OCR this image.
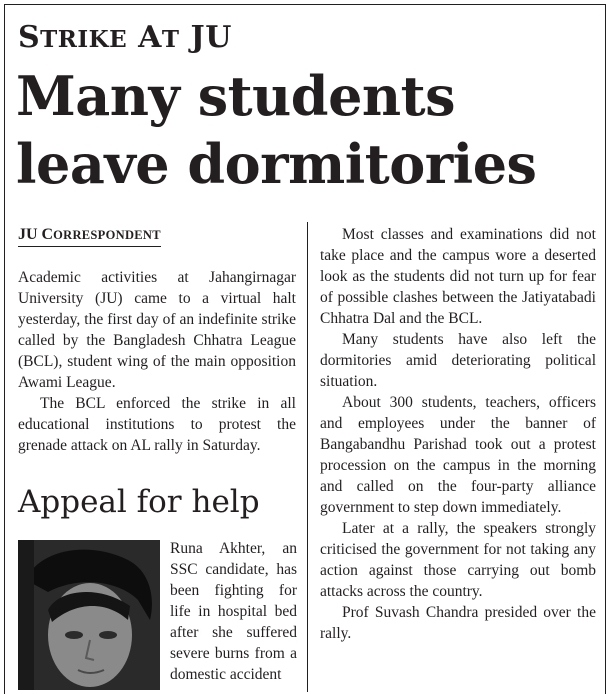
STRIKE AT JU
Many students leave dormitories
JU CORRESPONDENT

Academic activities at Jahangirnagar University (JU) came to a virtual halt yesterday, the first day of an indefinite strike called by the Bangladesh Chhatra League (BCL), student wing of the main opposition Awami League.

The BCL enforced the strike in all educational institutions to protest the grenade attack on AL rally in Saturday.

Most classes and examinations did not take place and the campus wore a deserted look as the students did not turn up for fear of possible clashes between the Jatiyatabadi Chhatra Dal and the BCL.

Many students have also left the dormitories amid deteriorating political situation.

About 300 students, teachers, officers and employees under the banner of Bangabandhu Parishad took out a protest procession on the campus in the morning and called on the four-party alliance government to step down immediately.

Later at a rally, the speakers strongly criticised the government for not taking any action against those carrying out bomb attacks across the country.

Prof Suvash Chandra presided over the rally.

Appeal for help
Runa Akhter, an SSC candidate, has been fighting for life in hospital bed after she suffered severe burns from a domestic accident
